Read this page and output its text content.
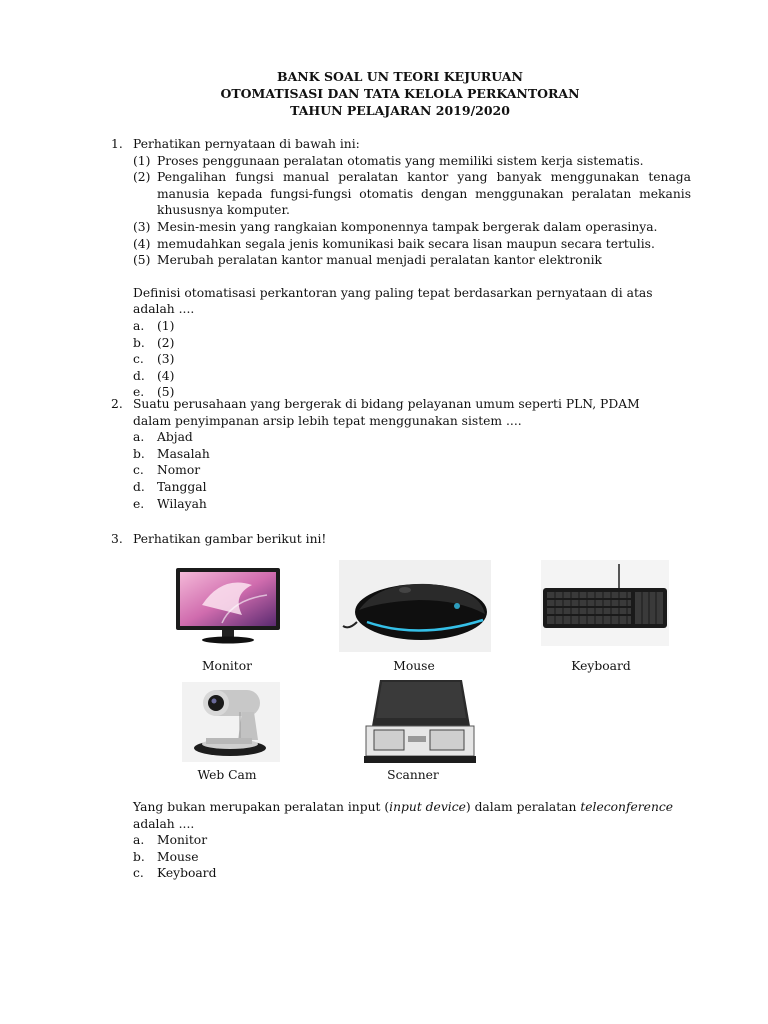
BANK SOAL UN TEORI KEJURUAN
OTOMATISASI DAN TATA KELOLA PERKANTORAN
TAHUN PELAJARAN 2019/2020
1. Perhatikan pernyataan di bawah ini:
(1) Proses penggunaan peralatan otomatis yang memiliki sistem kerja sistematis.
(2) Pengalihan fungsi manual peralatan kantor yang banyak menggunakan tenaga manusia kepada fungsi-fungsi otomatis dengan menggunakan peralatan mekanis khususnya komputer.
(3) Mesin-mesin yang rangkaian komponennya tampak bergerak dalam operasinya.
(4) memudahkan segala jenis komunikasi baik secara lisan maupun secara tertulis.
(5) Merubah peralatan kantor manual menjadi peralatan kantor elektronik
Definisi otomatisasi perkantoran yang paling tepat berdasarkan pernyataan di atas adalah ....
a. (1)
b. (2)
c. (3)
d. (4)
e. (5)
2. Suatu perusahaan yang bergerak di bidang pelayanan umum seperti PLN, PDAM dalam penyimpanan arsip lebih tepat menggunakan sistem ....
a. Abjad
b. Masalah
c. Nomor
d. Tanggal
e. Wilayah
3. Perhatikan gambar berikut ini!
Monitor	Mouse	Keyboard
Web Cam	Scanner
Yang bukan merupakan peralatan input (input device) dalam peralatan teleconference adalah ....
a. Monitor
b. Mouse
c. Keyboard
